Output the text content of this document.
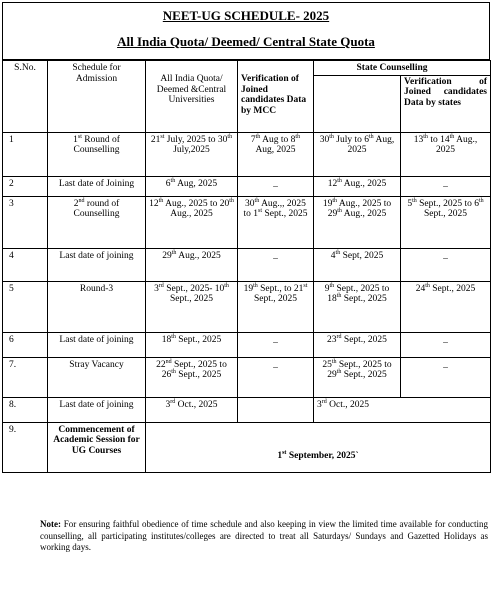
NEET-UG SCHEDULE- 2025
All India Quota/ Deemed/ Central State Quota
S.No.	Schedule for Admission	All India Quota/ Deemed &Central Universities	Verification of Joined candidates Data by MCC	State Counselling	
					Verification of Joined candidates Data by states
1	1st Round of Counselling	21st July, 2025 to 30th July,2025	7th Aug to 8th Aug, 2025	30th July to 6th Aug, 2025	13th to 14th Aug., 2025
2	Last date of Joining	6th Aug, 2025	_	12th Aug., 2025	_
3	2nd round of Counselling	12th Aug., 2025 to 20th Aug., 2025	30th Aug.,, 2025 to 1st Sept., 2025	19th Aug., 2025 to 29th Aug., 2025	5th Sept., 2025 to 6th Sept., 2025
4	Last date of joining	29th Aug., 2025	_	4th Sept, 2025	_
5	Round-3	3rd Sept., 2025- 10th Sept., 2025	19th Sept., to 21st Sept., 2025	9th Sept., 2025 to 18th Sept., 2025	24th Sept., 2025
6	Last date of joining	18th Sept., 2025	_	23rd Sept., 2025	_
7.	Stray Vacancy	22nd Sept., 2025 to 26th Sept., 2025	_	25th Sept., 2025 to 29th Sept., 2025	_
8.	Last date of joining	3rd Oct., 2025		3rd Oct., 2025	
9.	Commencement of Academic Session for UG Courses	1st September, 2025`			
Note: For ensuring faithful obedience of time schedule and also keeping in view the limited time available for conducting counselling, all participating institutes/colleges are directed to treat all Saturdays/ Sundays and Gazetted Holidays as working days.
